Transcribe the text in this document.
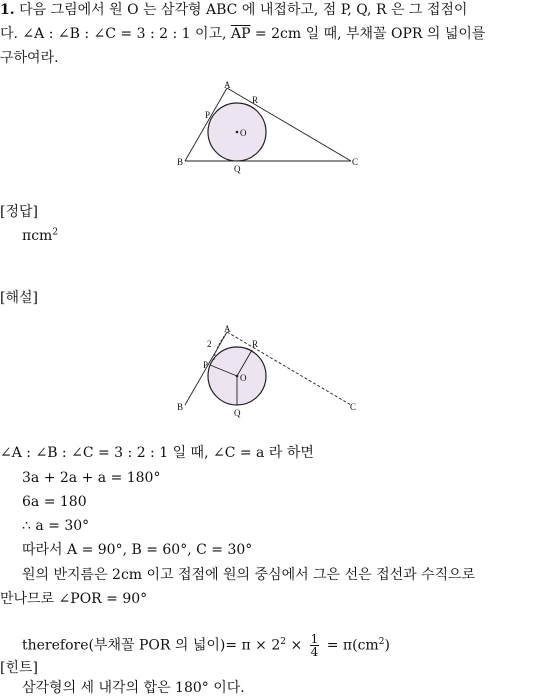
1. 다음 그림에서 원 O 는 삼각형 ABC 에 내접하고, 점 P, Q, R 은 그 접점이
다. ∠A : ∠B : ∠C = 3 : 2 : 1 이고, $\overline{AP} = 2cm$ 일 때, 부채꼴 OPR 의 넓이를
구하여라.
A
R
P
O
B	C
Q
[정답]
πcm$^2$
[해설]
A
2	R
P
O
B	C
Q
∠A : ∠B : ∠C = 3 : 2 : 1 일 때, ∠C = a 라 하면
3a + 2a + a = 180°
6a = 180
∴ a = 30°
따라서 A = 90°, B = 60°, C = 30°
원의 반지름은 2cm 이고 접점에 원의 중심에서 그은 선은 접선과 수직으로
만나므로 ∠POR = 90°
therefore(부채꼴 POR 의 넓이)= $\pi \times 2^2 \times \frac{1}{4} = \pi(cm^2)$
[힌트]
삼각형의 세 내각의 합은 180° 이다.
